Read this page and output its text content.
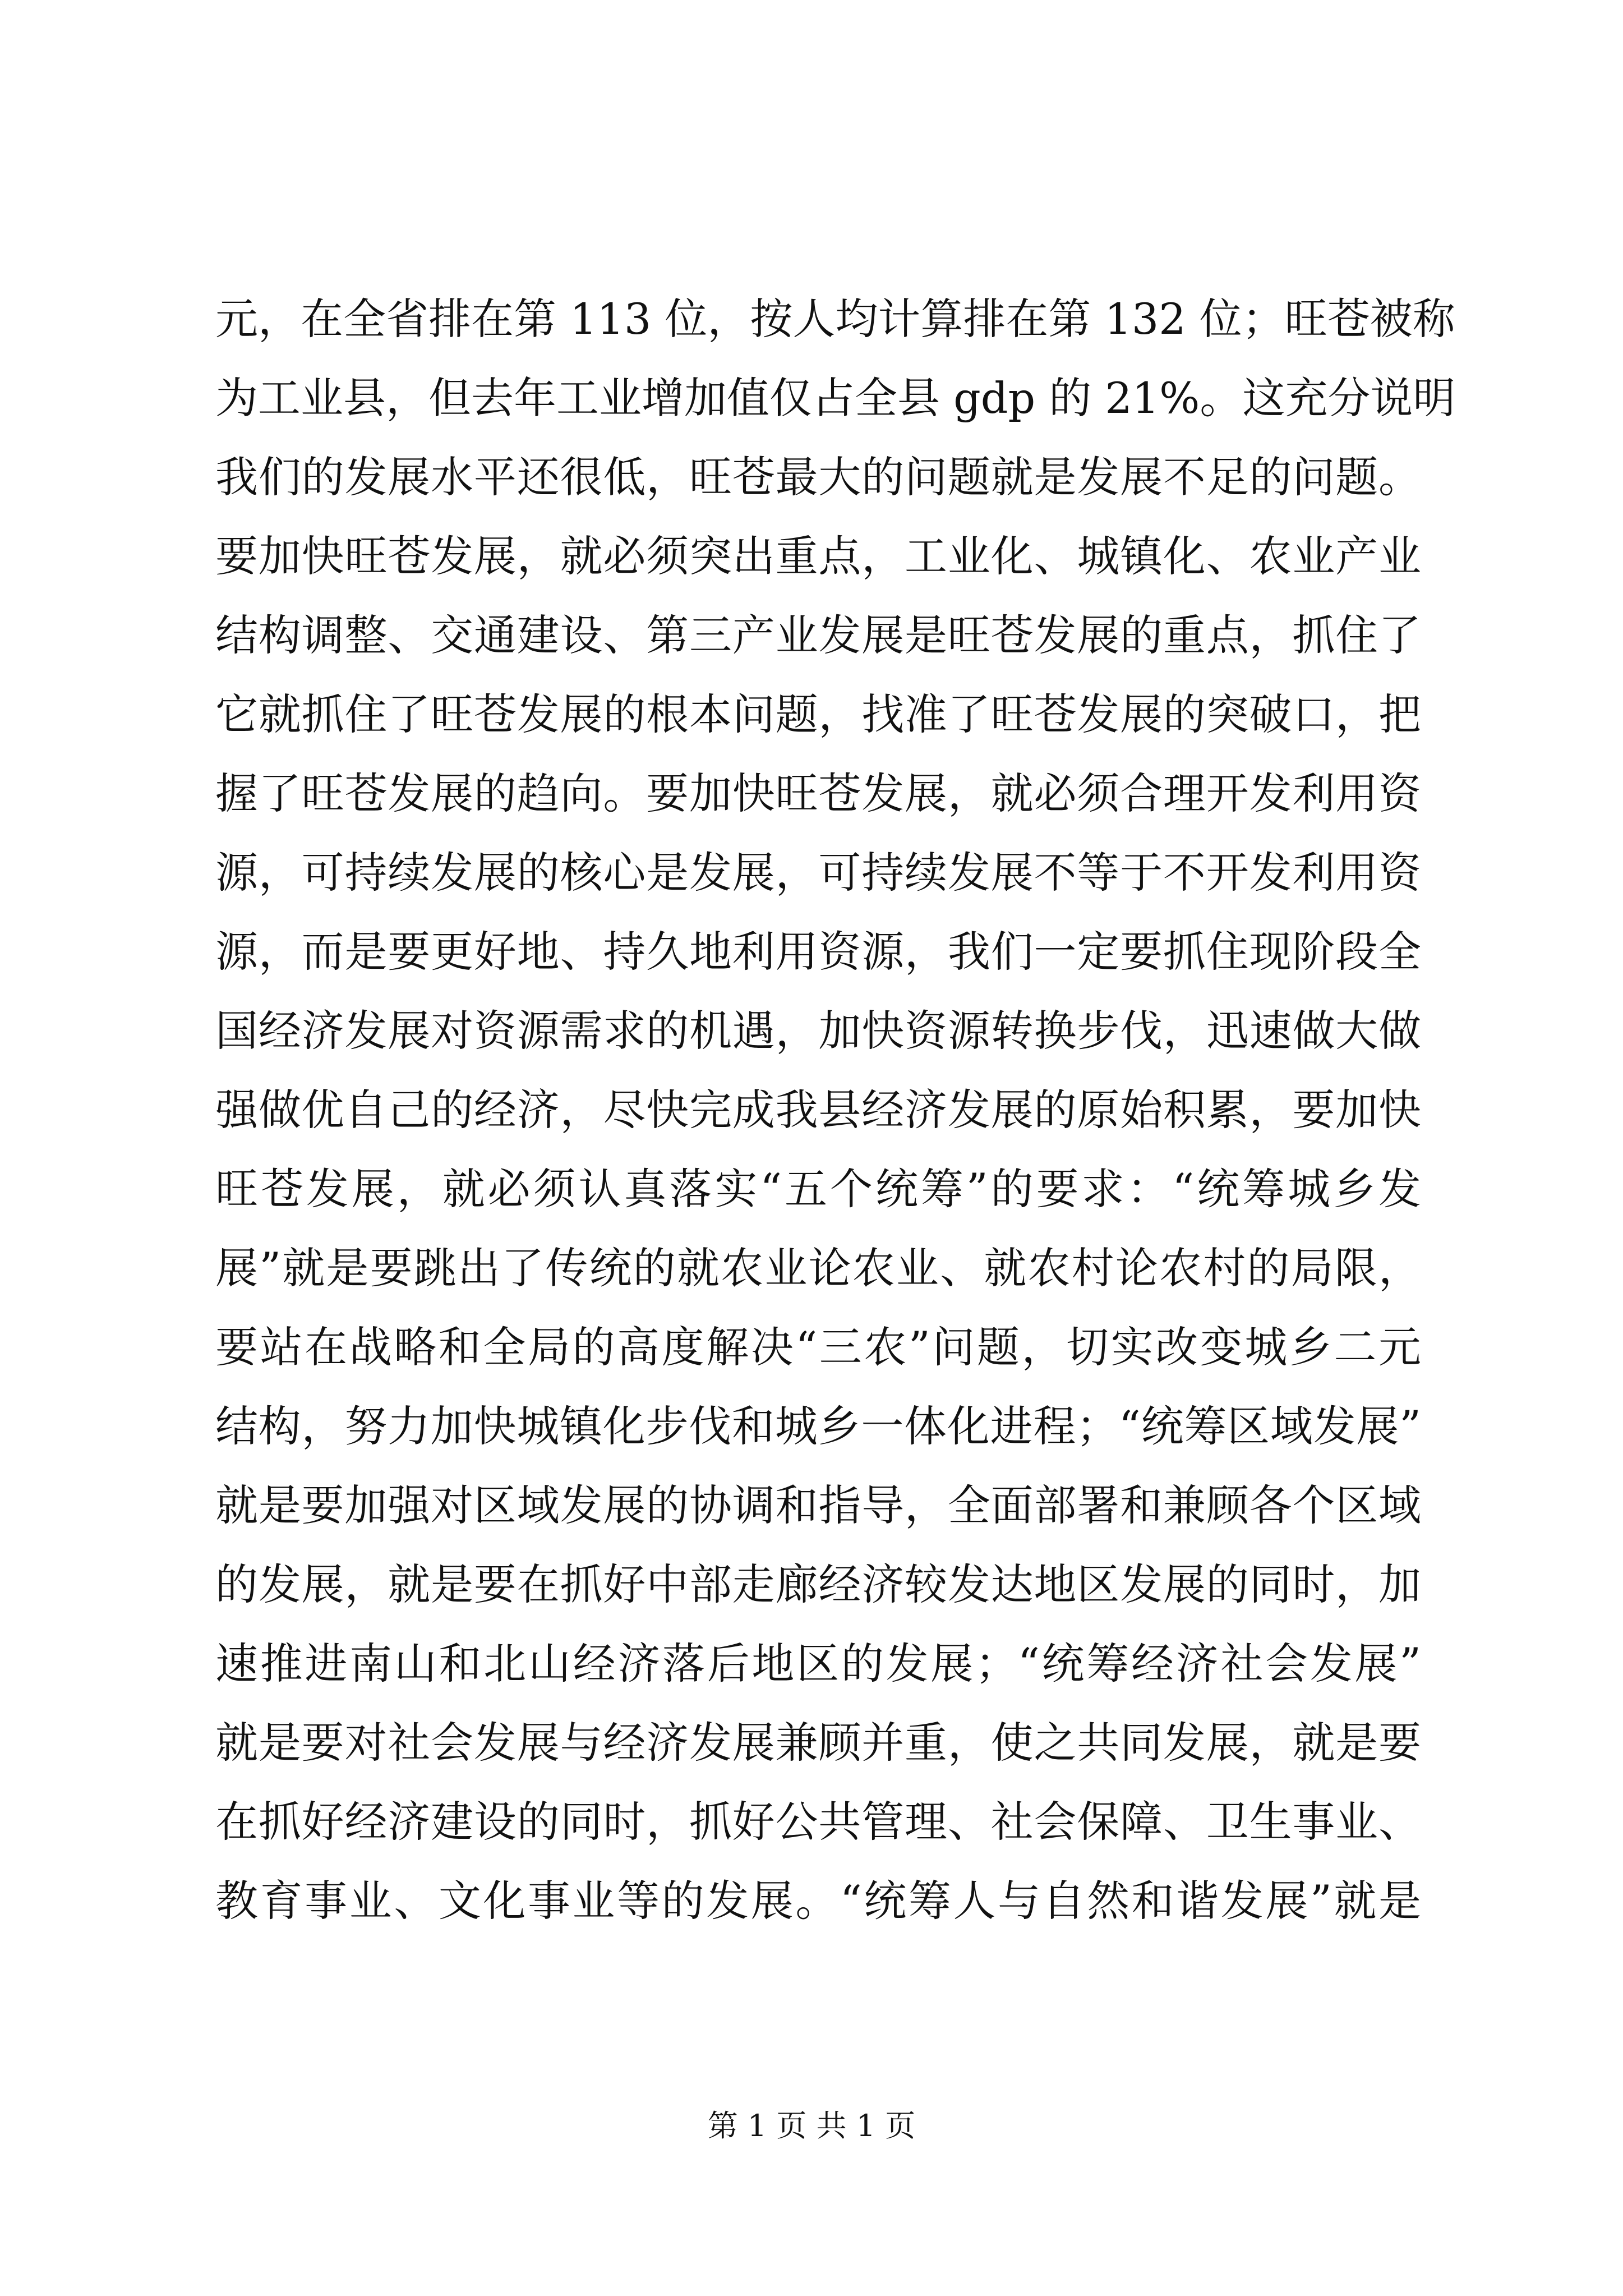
元，在全省排在第 113 位，按人均计算排在第 132 位；旺苍被称
为工业县，但去年工业增加值仅占全县 gdp 的 21%。这充分说明
我们的发展水平还很低，旺苍最大的问题就是发展不足的问题。
要加快旺苍发展，就必须突出重点，工业化、城镇化、农业产业
结构调整、交通建设、第三产业发展是旺苍发展的重点，抓住了
它就抓住了旺苍发展的根本问题，找准了旺苍发展的突破口，把
握了旺苍发展的趋向。要加快旺苍发展，就必须合理开发利用资
源，可持续发展的核心是发展，可持续发展不等于不开发利用资
源，而是要更好地、持久地利用资源，我们一定要抓住现阶段全
国经济发展对资源需求的机遇，加快资源转换步伐，迅速做大做
强做优自己的经济，尽快完成我县经济发展的原始积累，要加快
旺苍发展，就必须认真落实“五个统筹”的要求：“统筹城乡发
展”就是要跳出了传统的就农业论农业、就农村论农村的局限，
要站在战略和全局的高度解决“三农”问题，切实改变城乡二元
结构，努力加快城镇化步伐和城乡一体化进程；“统筹区域发展”
就是要加强对区域发展的协调和指导，全面部署和兼顾各个区域
的发展，就是要在抓好中部走廊经济较发达地区发展的同时，加
速推进南山和北山经济落后地区的发展；“统筹经济社会发展”
就是要对社会发展与经济发展兼顾并重，使之共同发展，就是要
在抓好经济建设的同时，抓好公共管理、社会保障、卫生事业、
教育事业、文化事业等的发展。“统筹人与自然和谐发展”就是
第 1 页 共 1 页
